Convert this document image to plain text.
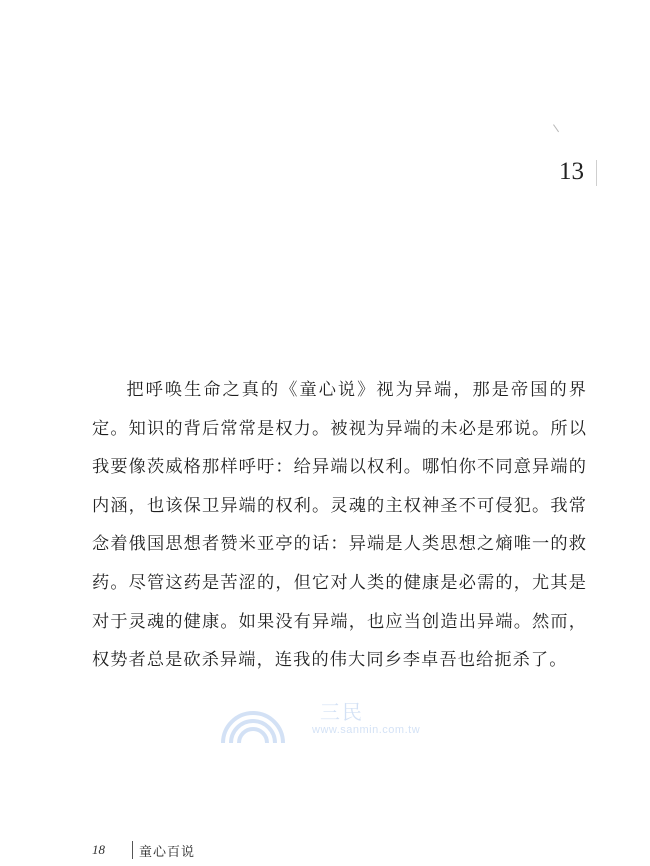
13

把呼唤生命之真的《童心说》视为异端，那是帝国的界定。知识的背后常常是权力。被视为异端的未必是邪说。所以我要像茨威格那样呼吁：给异端以权利。哪怕你不同意异端的内涵，也该保卫异端的权利。灵魂的主权神圣不可侵犯。我常念着俄国思想者赞米亚亭的话：异端是人类思想之熵唯一的救药。尽管这药是苦涩的，但它对人类的健康是必需的，尤其是对于灵魂的健康。如果没有异端，也应当创造出异端。然而，权势者总是砍杀异端，连我的伟大同乡李卓吾也给扼杀了。

三民
www.sanmin.com.tw
18	童心百说
